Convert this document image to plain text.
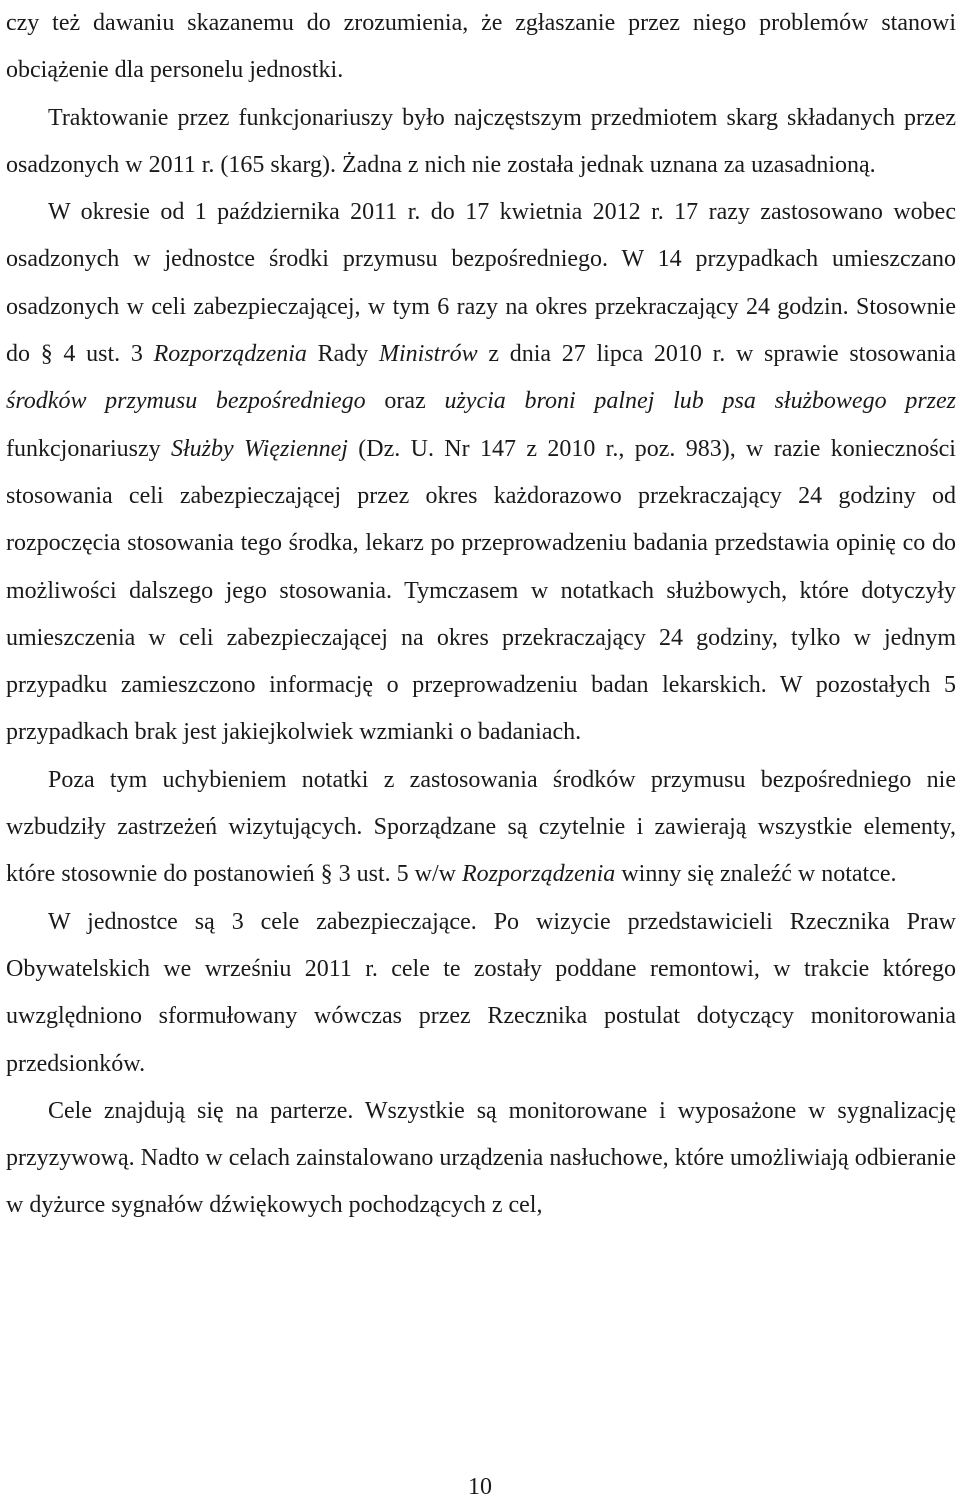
czy też dawaniu skazanemu do zrozumienia, że zgłaszanie przez niego problemów stanowi obciążenie dla personelu jednostki.

Traktowanie przez funkcjonariuszy było najczęstszym przedmiotem skarg składanych przez osadzonych w 2011 r. (165 skarg). Żadna z nich nie została jednak uznana za uzasadnioną.

W okresie od 1 października 2011 r. do 17 kwietnia 2012 r. 17 razy zastosowano wobec osadzonych w jednostce środki przymusu bezpośredniego. W 14 przypadkach umieszczano osadzonych w celi zabezpieczającej, w tym 6 razy na okres przekraczający 24 godzin. Stosownie do § 4 ust. 3 Rozporządzenia Rady Ministrów z dnia 27 lipca 2010 r. w sprawie stosowania środków przymusu bezpośredniego oraz użycia broni palnej lub psa służbowego przez funkcjonariuszy Służby Więziennej (Dz. U. Nr 147 z 2010 r., poz. 983), w razie konieczności stosowania celi zabezpieczającej przez okres każdorazowo przekraczający 24 godziny od rozpoczęcia stosowania tego środka, lekarz po przeprowadzeniu badania przedstawia opinię co do możliwości dalszego jego stosowania. Tymczasem w notatkach służbowych, które dotyczyły umieszczenia w celi zabezpieczającej na okres przekraczający 24 godziny, tylko w jednym przypadku zamieszczono informację o przeprowadzeniu badan lekarskich. W pozostałych 5 przypadkach brak jest jakiejkolwiek wzmianki o badaniach.

Poza tym uchybieniem notatki z zastosowania środków przymusu bezpośredniego nie wzbudziły zastrzeżeń wizytujących. Sporządzane są czytelnie i zawierają wszystkie elementy, które stosownie do postanowień § 3 ust. 5 w/w Rozporządzenia winny się znaleźć w notatce.

W jednostce są 3 cele zabezpieczające. Po wizycie przedstawicieli Rzecznika Praw Obywatelskich we wrześniu 2011 r. cele te zostały poddane remontowi, w trakcie którego uwzględniono sformułowany wówczas przez Rzecznika postulat dotyczący monitorowania przedsionków.

Cele znajdują się na parterze. Wszystkie są monitorowane i wyposażone w sygnalizację przyzywową. Nadto w celach zainstalowano urządzenia nasłuchowe, które umożliwiają odbieranie w dyżurce sygnałów dźwiękowych pochodzących z cel,

10
